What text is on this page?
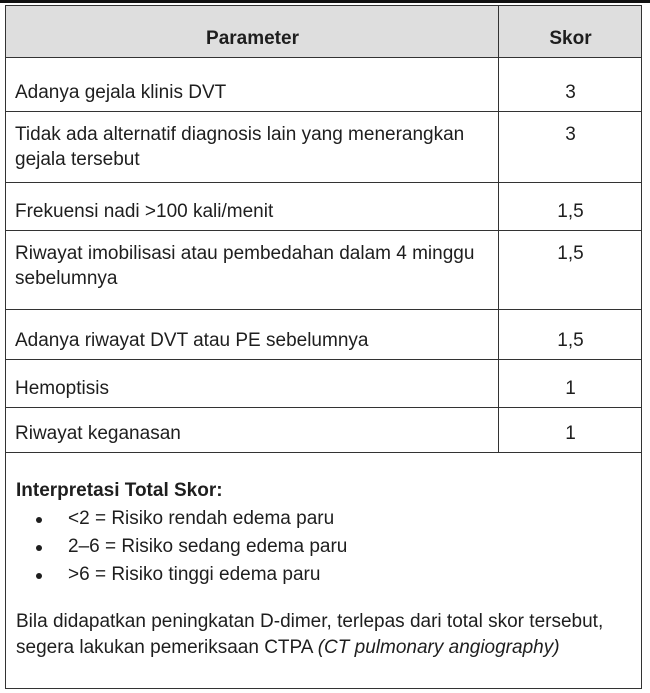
Parameter	Skor
Adanya gejala klinis DVT	3
Tidak ada alternatif diagnosis lain yang menerangkan gejala tersebut	3
Frekuensi nadi >100 kali/menit	1,5
Riwayat imobilisasi atau pembedahan dalam 4 minggu sebelumnya	1,5
Adanya riwayat DVT atau PE sebelumnya	1,5
Hemoptisis	1
Riwayat keganasan	1
Interpretasi Total Skor:
<2 = Risiko rendah edema paru
2–6 = Risiko sedang edema paru
>6 = Risiko tinggi edema paru
Bila didapatkan peningkatan D-dimer, terlepas dari total skor tersebut, segera lakukan pemeriksaan CTPA (CT pulmonary angiography)
